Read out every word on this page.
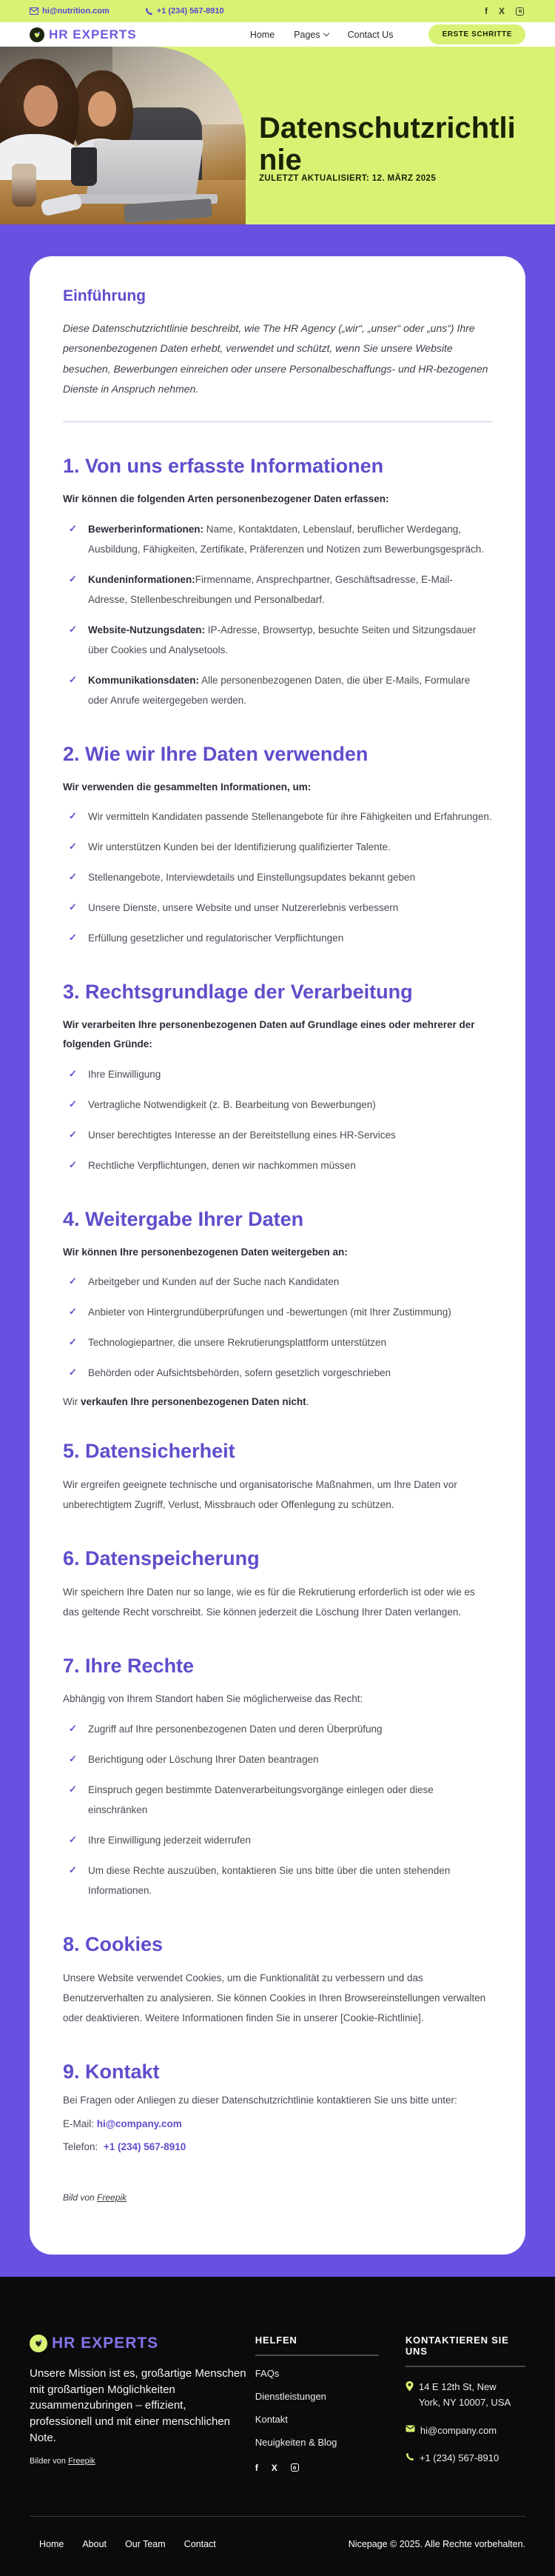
hi@nutrition.com	+1 (234) 567-8910	f X
HR EXPERTS	Home Pages	Contact Us	ERSTE SCHRITTE
Datenschutzrichtlinie
ZULETZT AKTUALISIERT: 12. MÄRZ 2025
Einführung

Diese Datenschutzrichtlinie beschreibt, wie The HR Agency („wir“, „unser“ oder „uns“) Ihre personenbezogenen Daten erhebt, verwendet und schützt, wenn Sie unsere Website besuchen, Bewerbungen einreichen oder unsere Personalbeschaffungs- und HR-bezogenen Dienste in Anspruch nehmen.

1. Von uns erfasste Informationen

Wir können die folgenden Arten personenbezogener Daten erfassen:

✓ Bewerberinformationen: Name, Kontaktdaten, Lebenslauf, beruflicher Werdegang, Ausbildung, Fähigkeiten, Zertifikate, Präferenzen und Notizen zum Bewerbungsgespräch.
✓ Kundeninformationen:Firmenname, Ansprechpartner, Geschäftsadresse, E-Mail-Adresse, Stellenbeschreibungen und Personalbedarf.
✓ Website-Nutzungsdaten: IP-Adresse, Browsertyp, besuchte Seiten und Sitzungsdauer über Cookies und Analysetools.
✓ Kommunikationsdaten: Alle personenbezogenen Daten, die über E-Mails, Formulare oder Anrufe weitergegeben werden.
2. Wie wir Ihre Daten verwenden

Wir verwenden die gesammelten Informationen, um:

✓ Wir vermitteln Kandidaten passende Stellenangebote für ihre Fähigkeiten und Erfahrungen.
✓ Wir unterstützen Kunden bei der Identifizierung qualifizierter Talente.
✓ Stellenangebote, Interviewdetails und Einstellungsupdates bekannt geben
✓ Unsere Dienste, unsere Website und unser Nutzererlebnis verbessern
✓ Erfüllung gesetzlicher und regulatorischer Verpflichtungen
3. Rechtsgrundlage der Verarbeitung

Wir verarbeiten Ihre personenbezogenen Daten auf Grundlage eines oder mehrerer der folgenden Gründe:

✓ Ihre Einwilligung
✓ Vertragliche Notwendigkeit (z. B. Bearbeitung von Bewerbungen)
✓ Unser berechtigtes Interesse an der Bereitstellung eines HR-Services
✓ Rechtliche Verpflichtungen, denen wir nachkommen müssen
4. Weitergabe Ihrer Daten

Wir können Ihre personenbezogenen Daten weitergeben an:

✓ Arbeitgeber und Kunden auf der Suche nach Kandidaten
✓ Anbieter von Hintergrundüberprüfungen und -bewertungen (mit Ihrer Zustimmung)
✓ Technologiepartner, die unsere Rekrutierungsplattform unterstützen
✓ Behörden oder Aufsichtsbehörden, sofern gesetzlich vorgeschrieben

Wir verkaufen Ihre personenbezogenen Daten nicht.

5. Datensicherheit

Wir ergreifen geeignete technische und organisatorische Maßnahmen, um Ihre Daten vor unberechtigtem Zugriff, Verlust, Missbrauch oder Offenlegung zu schützen.

6. Datenspeicherung

Wir speichern Ihre Daten nur so lange, wie es für die Rekrutierung erforderlich ist oder wie es das geltende Recht vorschreibt. Sie können jederzeit die Löschung Ihrer Daten verlangen.

7. Ihre Rechte

Abhängig von Ihrem Standort haben Sie möglicherweise das Recht:

✓ Zugriff auf Ihre personenbezogenen Daten und deren Überprüfung
✓ Berichtigung oder Löschung Ihrer Daten beantragen
✓ Einspruch gegen bestimmte Datenverarbeitungsvorgänge einlegen oder diese einschränken
✓ Ihre Einwilligung jederzeit widerrufen
✓ Um diese Rechte auszuüben, kontaktieren Sie uns bitte über die unten stehenden Informationen.
8. Cookies

Unsere Website verwendet Cookies, um die Funktionalität zu verbessern und das Benutzerverhalten zu analysieren. Sie können Cookies in Ihren Browsereinstellungen verwalten oder deaktivieren. Weitere Informationen finden Sie in unserer [Cookie-Richtlinie].

9. Kontakt

Bei Fragen oder Anliegen zu dieser Datenschutzrichtlinie kontaktieren Sie uns bitte unter:

E-Mail: hi@company.com

Telefon:  +1 (234) 567-8910

Bild von Freepik

HR EXPERTS

Unsere Mission ist es, großartige Menschen mit großartigen Möglichkeiten zusammenzubringen – effizient, professionell und mit einer menschlichen Note.

Bilder von Freepik

HELFEN
FAQs
Dienstleistungen
Kontakt
Neuigkeiten & Blog
f X
KONTAKTIEREN SIE UNS
14 E 12th St, New York, NY 10007, USA
hi@company.com
+1 (234) 567-8910
Home About Our Team Contact	Nicepage © 2025. Alle Rechte vorbehalten.
